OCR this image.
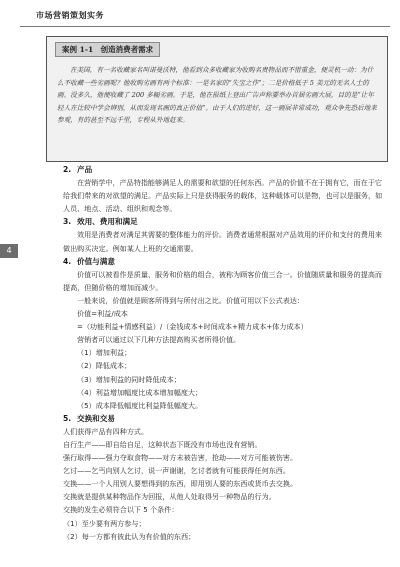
市场营销策划实务
4
案例 1-1　创造消费者需求
在美国，有一名收藏家名叫诺曼沃特，他看到众多收藏家为收购名贵物品而不惜重金，便灵机一动：为什么不收藏一些劣画呢？他收购劣画有两个标准：一是名家的“失宝之作”；二是价格低于 5 美元的无名人士的画。没多久，他便收藏了 200 多幅劣画。于是，他在报纸上登出广告声称要举办首届劣画大展，目的是“让年轻人在比较中学会辨别，从而发现名画的真正价值”。由于人们的逆好，这一画展非常成功，观众争先恐后地来参观，有的甚至不远千里，专程从外地赶来。
2. 产品
在营销学中，产品特指能够满足人的需要和欲望的任何东西。产品的价值不在于拥有它，而在于它给我们带来的对欲望的满足。产品实际上只是获得服务的载体，这种载体可以是物，也可以是服务，如人员、地点、活动、组织和观念等。
3. 效用、费用和满足
效用是消费者对满足其需要的整体能力的评价。消费者通常根据对产品效用的评价和支付的费用来做出购买决定。例如某人上班的交通需要。
4. 价值与满意
价值可以被看作是质量、服务和价格的组合，被称为顾客价值三合一。价值随质量和服务的提高而提高，但随价格的增加而减少。
一般来说，价值就是顾客所得到与所付出之比。价值可用以下公式表达：
价值=利益/成本
=（功能利益+情感利益）/（金钱成本+时间成本+精力成本+体力成本）
营销者可以通过以下几种方法提高购买者所得价值。
（1）增加利益；
（2）降低成本；
（3）增加利益的同时降低成本；
（4）利益增加幅度比成本增加幅度大；
（5）成本降低幅度比利益降低幅度大。
5. 交换和交易
人们获得产品有四种方式。
自行生产——即自给自足，这种状态下既没有市场也没有营销。
强行取得——强力夺取食物——对方未被告害，抢劫——对方可能被伤害。
乞讨——乞丐向别人乞讨，说一声谢谢，乞讨者就有可能获得任何东西。
交换——一个人用别人要想得到的东西，即用别人要的东西或货币去交换。
交换就是提供某种物品作为回报，从他人处取得另一种物品的行为。
交换的发生必须符合以下 5 个条件：
（1）至少要有两方参与；
（2）每一方都有彼此认为有价值的东西；
